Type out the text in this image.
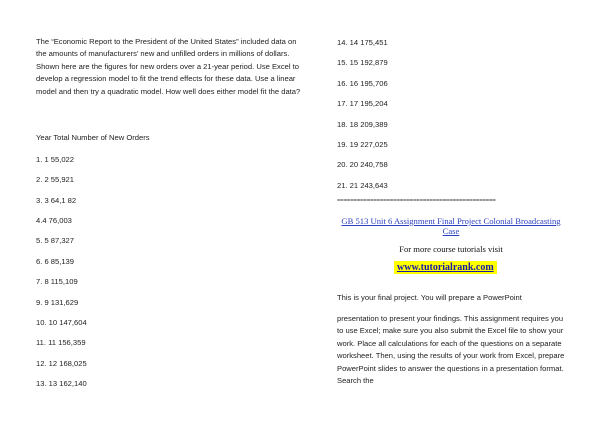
The “Economic Report to the President of the United States” included data on the amounts of manufacturers’ new and unfilled orders in millions of dollars. Shown here are the figures for new orders over a 21-year period. Use Excel to develop a regression model to fit the trend effects for these data. Use a linear model and then try a quadratic model. How well does either model fit the data?

Year Total Number of New Orders
1. 1 55,022
2. 2 55,921
3. 3 64,1 82
4.4 76,003
5. 5 87,327
6. 6 85,139
7. 8 115,109
9. 9 131,629
10. 10 147,604
11. 11 156,359
12. 12 168,025
13. 13 162,140
14. 14 175,451
15. 15 192,879
16. 16 195,706
17. 17 195,204
18. 18 209,389
19. 19 227,025
20. 20 240,758
21. 21 243,643
================================================
GB 513 Unit 6 Assignment Final Project Colonial Broadcasting Case
For more course tutorials visit
www.tutorialrank.com
This is your final project. You will prepare a PowerPoint

presentation to present your findings. This assignment requires you to use Excel; make sure you also submit the Excel file to show your work. Place all calculations for each of the questions on a separate worksheet. Then, using the results of your work from Excel, prepare PowerPoint slides to answer the questions in a presentation format. Search the
